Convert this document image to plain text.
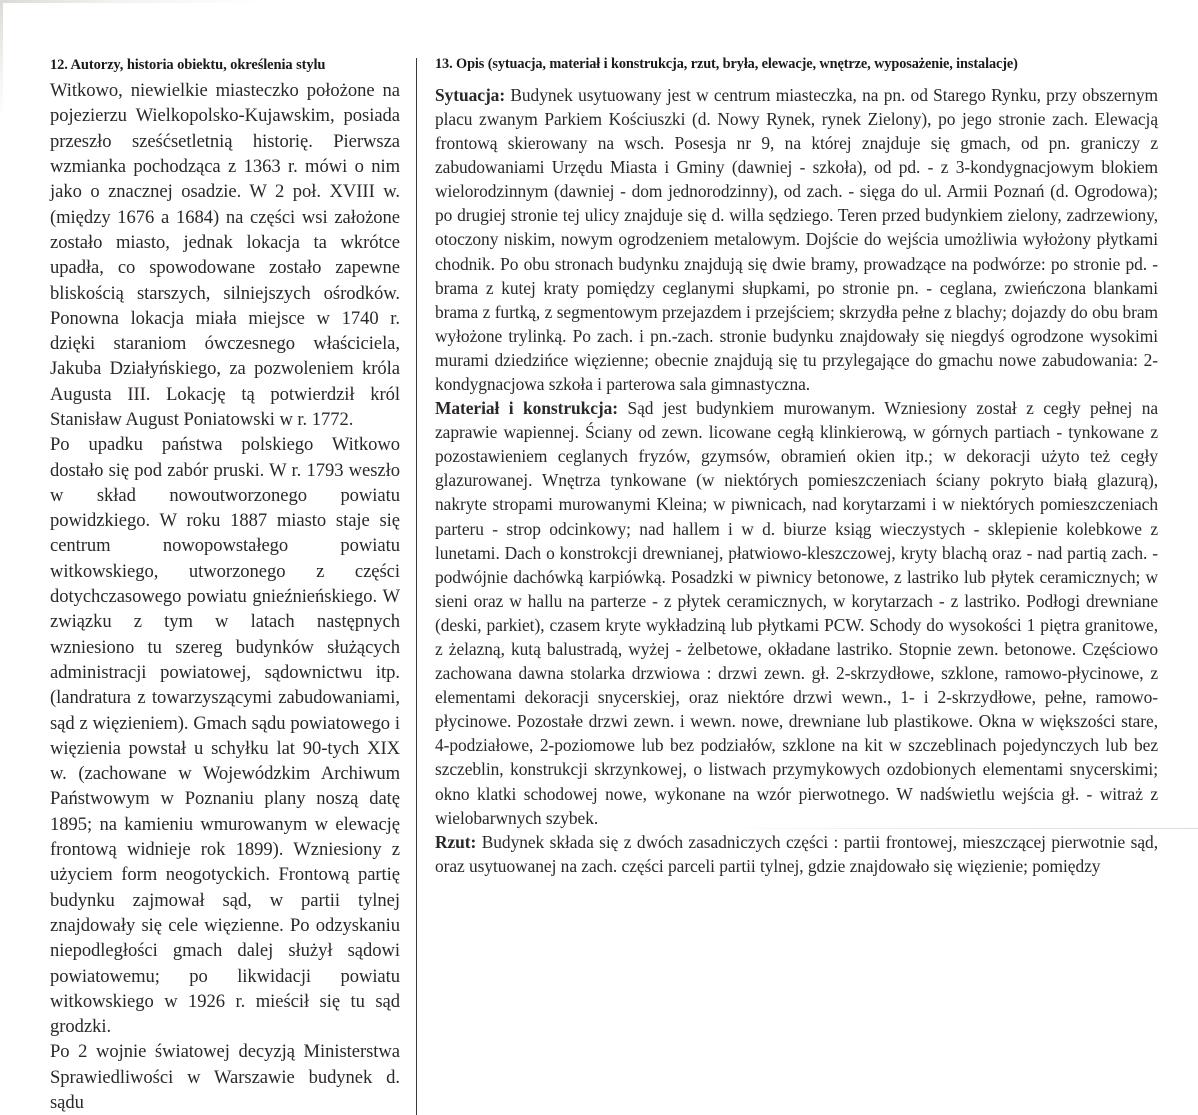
12. Autorzy, historia obiektu, określenia stylu

Witkowo, niewielkie miasteczko położone na pojezierzu Wielkopolsko-Kujawskim, posiada przeszło sześćsetletnią historię. Pierwsza wzmianka pochodząca z 1363 r. mówi o nim jako o znacznej osadzie. W 2 poł. XVIII w. (między 1676 a 1684) na części wsi założone zostało miasto, jednak lokacja ta wkrótce upadła, co spowodowane zostało zapewne bliskością starszych, silniejszych ośrodków. Ponowna lokacja miała miejsce w 1740 r. dzięki staraniom ówczesnego właściciela, Jakuba Działyńskiego, za pozwoleniem króla Augusta III. Lokację tą potwierdził król Stanisław August Poniatowski w r. 1772.

Po upadku państwa polskiego Witkowo dostało się pod zabór pruski. W r. 1793 weszło w skład nowoutworzonego powiatu powidzkiego. W roku 1887 miasto staje się centrum nowopowstałego powiatu witkowskiego, utworzonego z części dotychczasowego powiatu gnieźnieńskiego. W związku z tym w latach następnych wzniesiono tu szereg budynków służących administracji powiatowej, sądownictwu itp. (landratura z towarzyszącymi zabudowaniami, sąd z więzieniem). Gmach sądu powiatowego i więzienia powstał u schyłku lat 90-tych XIX w. (zachowane w Wojewódzkim Archiwum Państwowym w Poznaniu plany noszą datę 1895; na kamieniu wmurowanym w elewację frontową widnieje rok 1899). Wzniesiony z użyciem form neogotyckich. Frontową partię budynku zajmował sąd, w partii tylnej znajdowały się cele więzienne. Po odzyskaniu niepodległości gmach dalej służył sądowi powiatowemu; po likwidacji powiatu witkowskiego w 1926 r. mieścił się tu sąd grodzki.

Po 2 wojnie światowej decyzją Ministerstwa Sprawiedliwości w Warszawie budynek d. sądu

13. Opis (sytuacja, materiał i konstrukcja, rzut, bryła, elewacje, wnętrze, wyposażenie, instalacje)

Sytuacja: Budynek usytuowany jest w centrum miasteczka, na pn. od Starego Rynku, przy obszernym placu zwanym Parkiem Kościuszki (d. Nowy Rynek, rynek Zielony), po jego stronie zach. Elewacją frontową skierowany na wsch. Posesja nr 9, na której znajduje się gmach, od pn. graniczy z zabudowaniami Urzędu Miasta i Gminy (dawniej - szkoła), od pd. - z 3-kondygnacjowym blokiem wielorodzinnym (dawniej - dom jednorodzinny), od zach. - sięga do ul. Armii Poznań (d. Ogrodowa); po drugiej stronie tej ulicy znajduje się d. willa sędziego. Teren przed budynkiem zielony, zadrzewiony, otoczony niskim, nowym ogrodzeniem metalowym. Dojście do wejścia umożliwia wyłożony płytkami chodnik. Po obu stronach budynku znajdują się dwie bramy, prowadzące na podwórze: po stronie pd. - brama z kutej kraty pomiędzy ceglanymi słupkami, po stronie pn. - ceglana, zwieńczona blankami brama z furtką, z segmentowym przejazdem i przejściem; skrzydła pełne z blachy; dojazdy do obu bram wyłożone trylinką. Po zach. i pn.-zach. stronie budynku znajdowały się niegdyś ogrodzone wysokimi murami dziedzińce więzienne; obecnie znajdują się tu przylegające do gmachu nowe zabudowania: 2-kondygnacjowa szkoła i parterowa sala gimnastyczna.

Materiał i konstrukcja: Sąd jest budynkiem murowanym. Wzniesiony został z cegły pełnej na zaprawie wapiennej. Ściany od zewn. licowane cegłą klinkierową, w górnych partiach - tynkowane z pozostawieniem ceglanych fryzów, gzymsów, obramień okien itp.; w dekoracji użyto też cegły glazurowanej. Wnętrza tynkowane (w niektórych pomieszczeniach ściany pokryto białą glazurą), nakryte stropami murowanymi Kleina; w piwnicach, nad korytarzami i w niektórych pomieszczeniach parteru - strop odcinkowy; nad hallem i w d. biurze ksiąg wieczystych - sklepienie kolebkowe z lunetami. Dach o konstrokcji drewnianej, płatwiowo-kleszczowej, kryty blachą oraz - nad partią zach. - podwójnie dachówką karpiówką. Posadzki w piwnicy betonowe, z lastriko lub płytek ceramicznych; w sieni oraz w hallu na parterze - z płytek ceramicznych, w korytarzach - z lastriko. Podłogi drewniane (deski, parkiet), czasem kryte wykładziną lub płytkami PCW. Schody do wysokości 1 piętra granitowe, z żelazną, kutą balustradą, wyżej - żelbetowe, okładane lastriko. Stopnie zewn. betonowe. Częściowo zachowana dawna stolarka drzwiowa : drzwi zewn. gł. 2-skrzydłowe, szklone, ramowo-płycinowe, z elementami dekoracji snycerskiej, oraz niektóre drzwi wewn., 1- i 2-skrzydłowe, pełne, ramowo-płycinowe. Pozostałe drzwi zewn. i wewn. nowe, drewniane lub plastikowe. Okna w większości stare, 4-podziałowe, 2-poziomowe lub bez podziałów, szklone na kit w szczeblinach pojedynczych lub bez szczeblin, konstrukcji skrzynkowej, o listwach przymykowych ozdobionych elementami snycerskimi; okno klatki schodowej nowe, wykonane na wzór pierwotnego. W nadświetlu wejścia gł. - witraż z wielobarwnych szybek.

Rzut: Budynek składa się z dwóch zasadniczych części : partii frontowej, mieszczącej pierwotnie sąd, oraz usytuowanej na zach. części parceli partii tylnej, gdzie znajdowało się więzienie; pomiędzy
